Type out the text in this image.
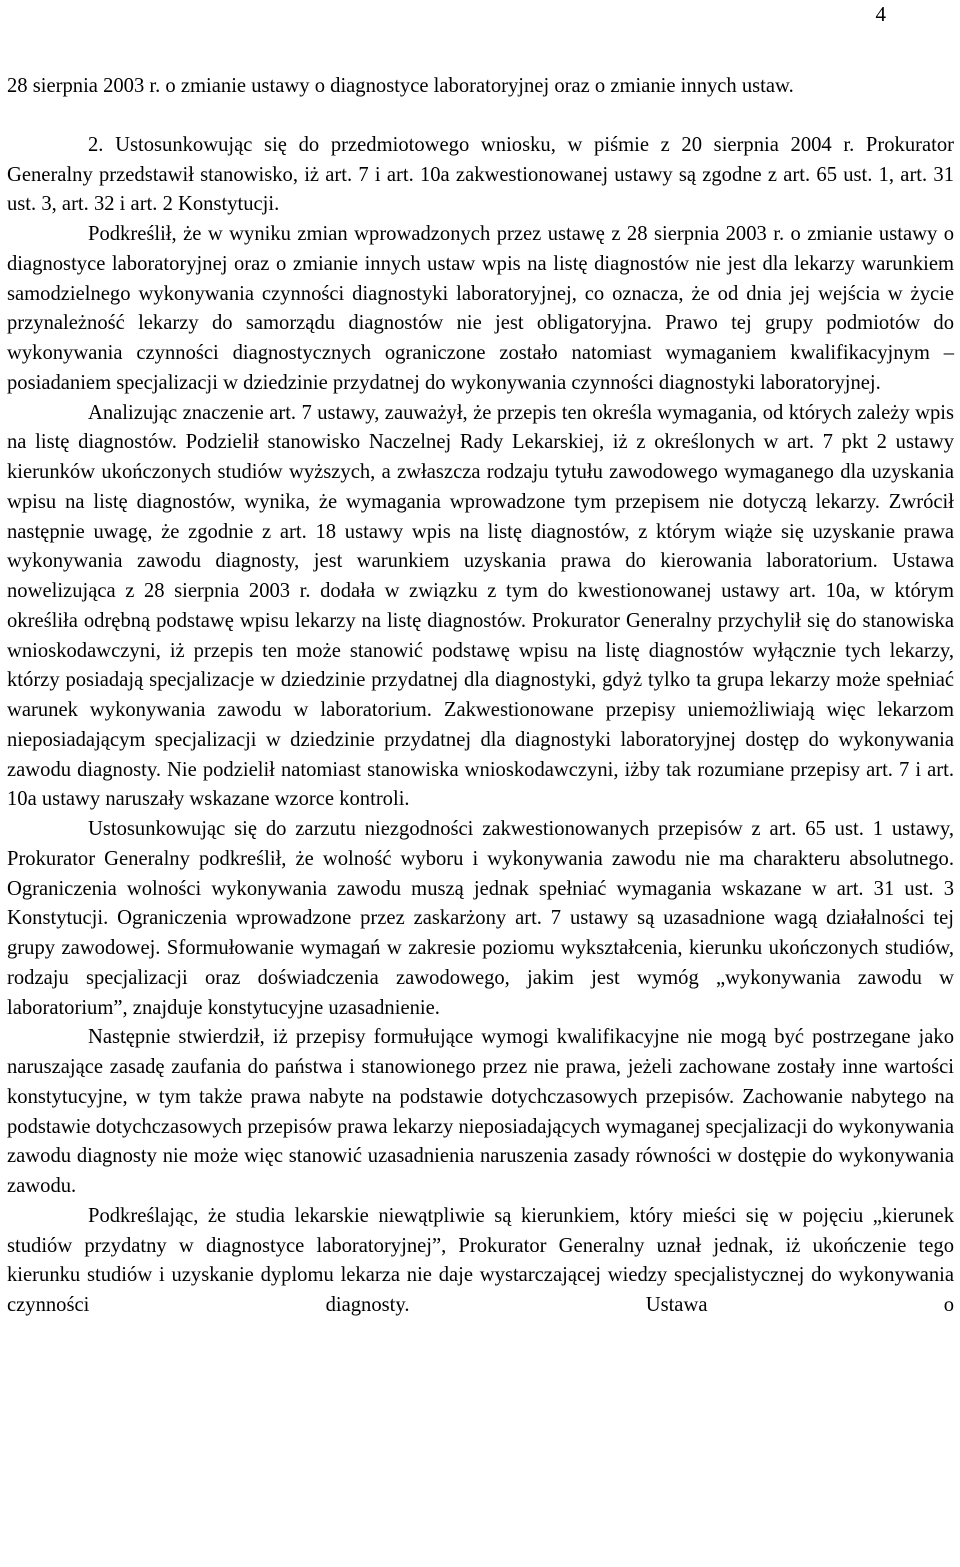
4

28 sierpnia 2003 r. o zmianie ustawy o diagnostyce laboratoryjnej oraz o zmianie innych ustaw.

2. Ustosunkowując się do przedmiotowego wniosku, w piśmie z 20 sierpnia 2004 r. Prokurator Generalny przedstawił stanowisko, iż art. 7 i art. 10a zakwestionowanej ustawy są zgodne z art. 65 ust. 1, art. 31 ust. 3, art. 32 i art. 2 Konstytucji.

Podkreślił, że w wyniku zmian wprowadzonych przez ustawę z 28 sierpnia 2003 r. o zmianie ustawy o diagnostyce laboratoryjnej oraz o zmianie innych ustaw wpis na listę diagnostów nie jest dla lekarzy warunkiem samodzielnego wykonywania czynności diagnostyki laboratoryjnej, co oznacza, że od dnia jej wejścia w życie przynależność lekarzy do samorządu diagnostów nie jest obligatoryjna. Prawo tej grupy podmiotów do wykonywania czynności diagnostycznych ograniczone zostało natomiast wymaganiem kwalifikacyjnym – posiadaniem specjalizacji w dziedzinie przydatnej do wykonywania czynności diagnostyki laboratoryjnej.

Analizując znaczenie art. 7 ustawy, zauważył, że przepis ten określa wymagania, od których zależy wpis na listę diagnostów. Podzielił stanowisko Naczelnej Rady Lekarskiej, iż z określonych w art. 7 pkt 2 ustawy kierunków ukończonych studiów wyższych, a zwłaszcza rodzaju tytułu zawodowego wymaganego dla uzyskania wpisu na listę diagnostów, wynika, że wymagania wprowadzone tym przepisem nie dotyczą lekarzy. Zwrócił następnie uwagę, że zgodnie z art. 18 ustawy wpis na listę diagnostów, z którym wiąże się uzyskanie prawa wykonywania zawodu diagnosty, jest warunkiem uzyskania prawa do kierowania laboratorium. Ustawa nowelizująca z 28 sierpnia 2003 r. dodała w związku z tym do kwestionowanej ustawy art. 10a, w którym określiła odrębną podstawę wpisu lekarzy na listę diagnostów. Prokurator Generalny przychylił się do stanowiska wnioskodawczyni, iż przepis ten może stanowić podstawę wpisu na listę diagnostów wyłącznie tych lekarzy, którzy posiadają specjalizacje w dziedzinie przydatnej dla diagnostyki, gdyż tylko ta grupa lekarzy może spełniać warunek wykonywania zawodu w laboratorium. Zakwestionowane przepisy uniemożliwiają więc lekarzom nieposiadającym specjalizacji w dziedzinie przydatnej dla diagnostyki laboratoryjnej dostęp do wykonywania zawodu diagnosty. Nie podzielił natomiast stanowiska wnioskodawczyni, iżby tak rozumiane przepisy art. 7 i art. 10a ustawy naruszały wskazane wzorce kontroli.

Ustosunkowując się do zarzutu niezgodności zakwestionowanych przepisów z art. 65 ust. 1 ustawy, Prokurator Generalny podkreślił, że wolność wyboru i wykonywania zawodu nie ma charakteru absolutnego. Ograniczenia wolności wykonywania zawodu muszą jednak spełniać wymagania wskazane w art. 31 ust. 3 Konstytucji. Ograniczenia wprowadzone przez zaskarżony art. 7 ustawy są uzasadnione wagą działalności tej grupy zawodowej. Sformułowanie wymagań w zakresie poziomu wykształcenia, kierunku ukończonych studiów, rodzaju specjalizacji oraz doświadczenia zawodowego, jakim jest wymóg „wykonywania zawodu w laboratorium”, znajduje konstytucyjne uzasadnienie.

Następnie stwierdził, iż przepisy formułujące wymogi kwalifikacyjne nie mogą być postrzegane jako naruszające zasadę zaufania do państwa i stanowionego przez nie prawa, jeżeli zachowane zostały inne wartości konstytucyjne, w tym także prawa nabyte na podstawie dotychczasowych przepisów. Zachowanie nabytego na podstawie dotychczasowych przepisów prawa lekarzy nieposiadających wymaganej specjalizacji do wykonywania zawodu diagnosty nie może więc stanowić uzasadnienia naruszenia zasady równości w dostępie do wykonywania zawodu.

Podkreślając, że studia lekarskie niewątpliwie są kierunkiem, który mieści się w pojęciu „kierunek studiów przydatny w diagnostyce laboratoryjnej”, Prokurator Generalny uznał jednak, iż ukończenie tego kierunku studiów i uzyskanie dyplomu lekarza nie daje wystarczającej wiedzy specjalistycznej do wykonywania czynności diagnosty. Ustawa o
